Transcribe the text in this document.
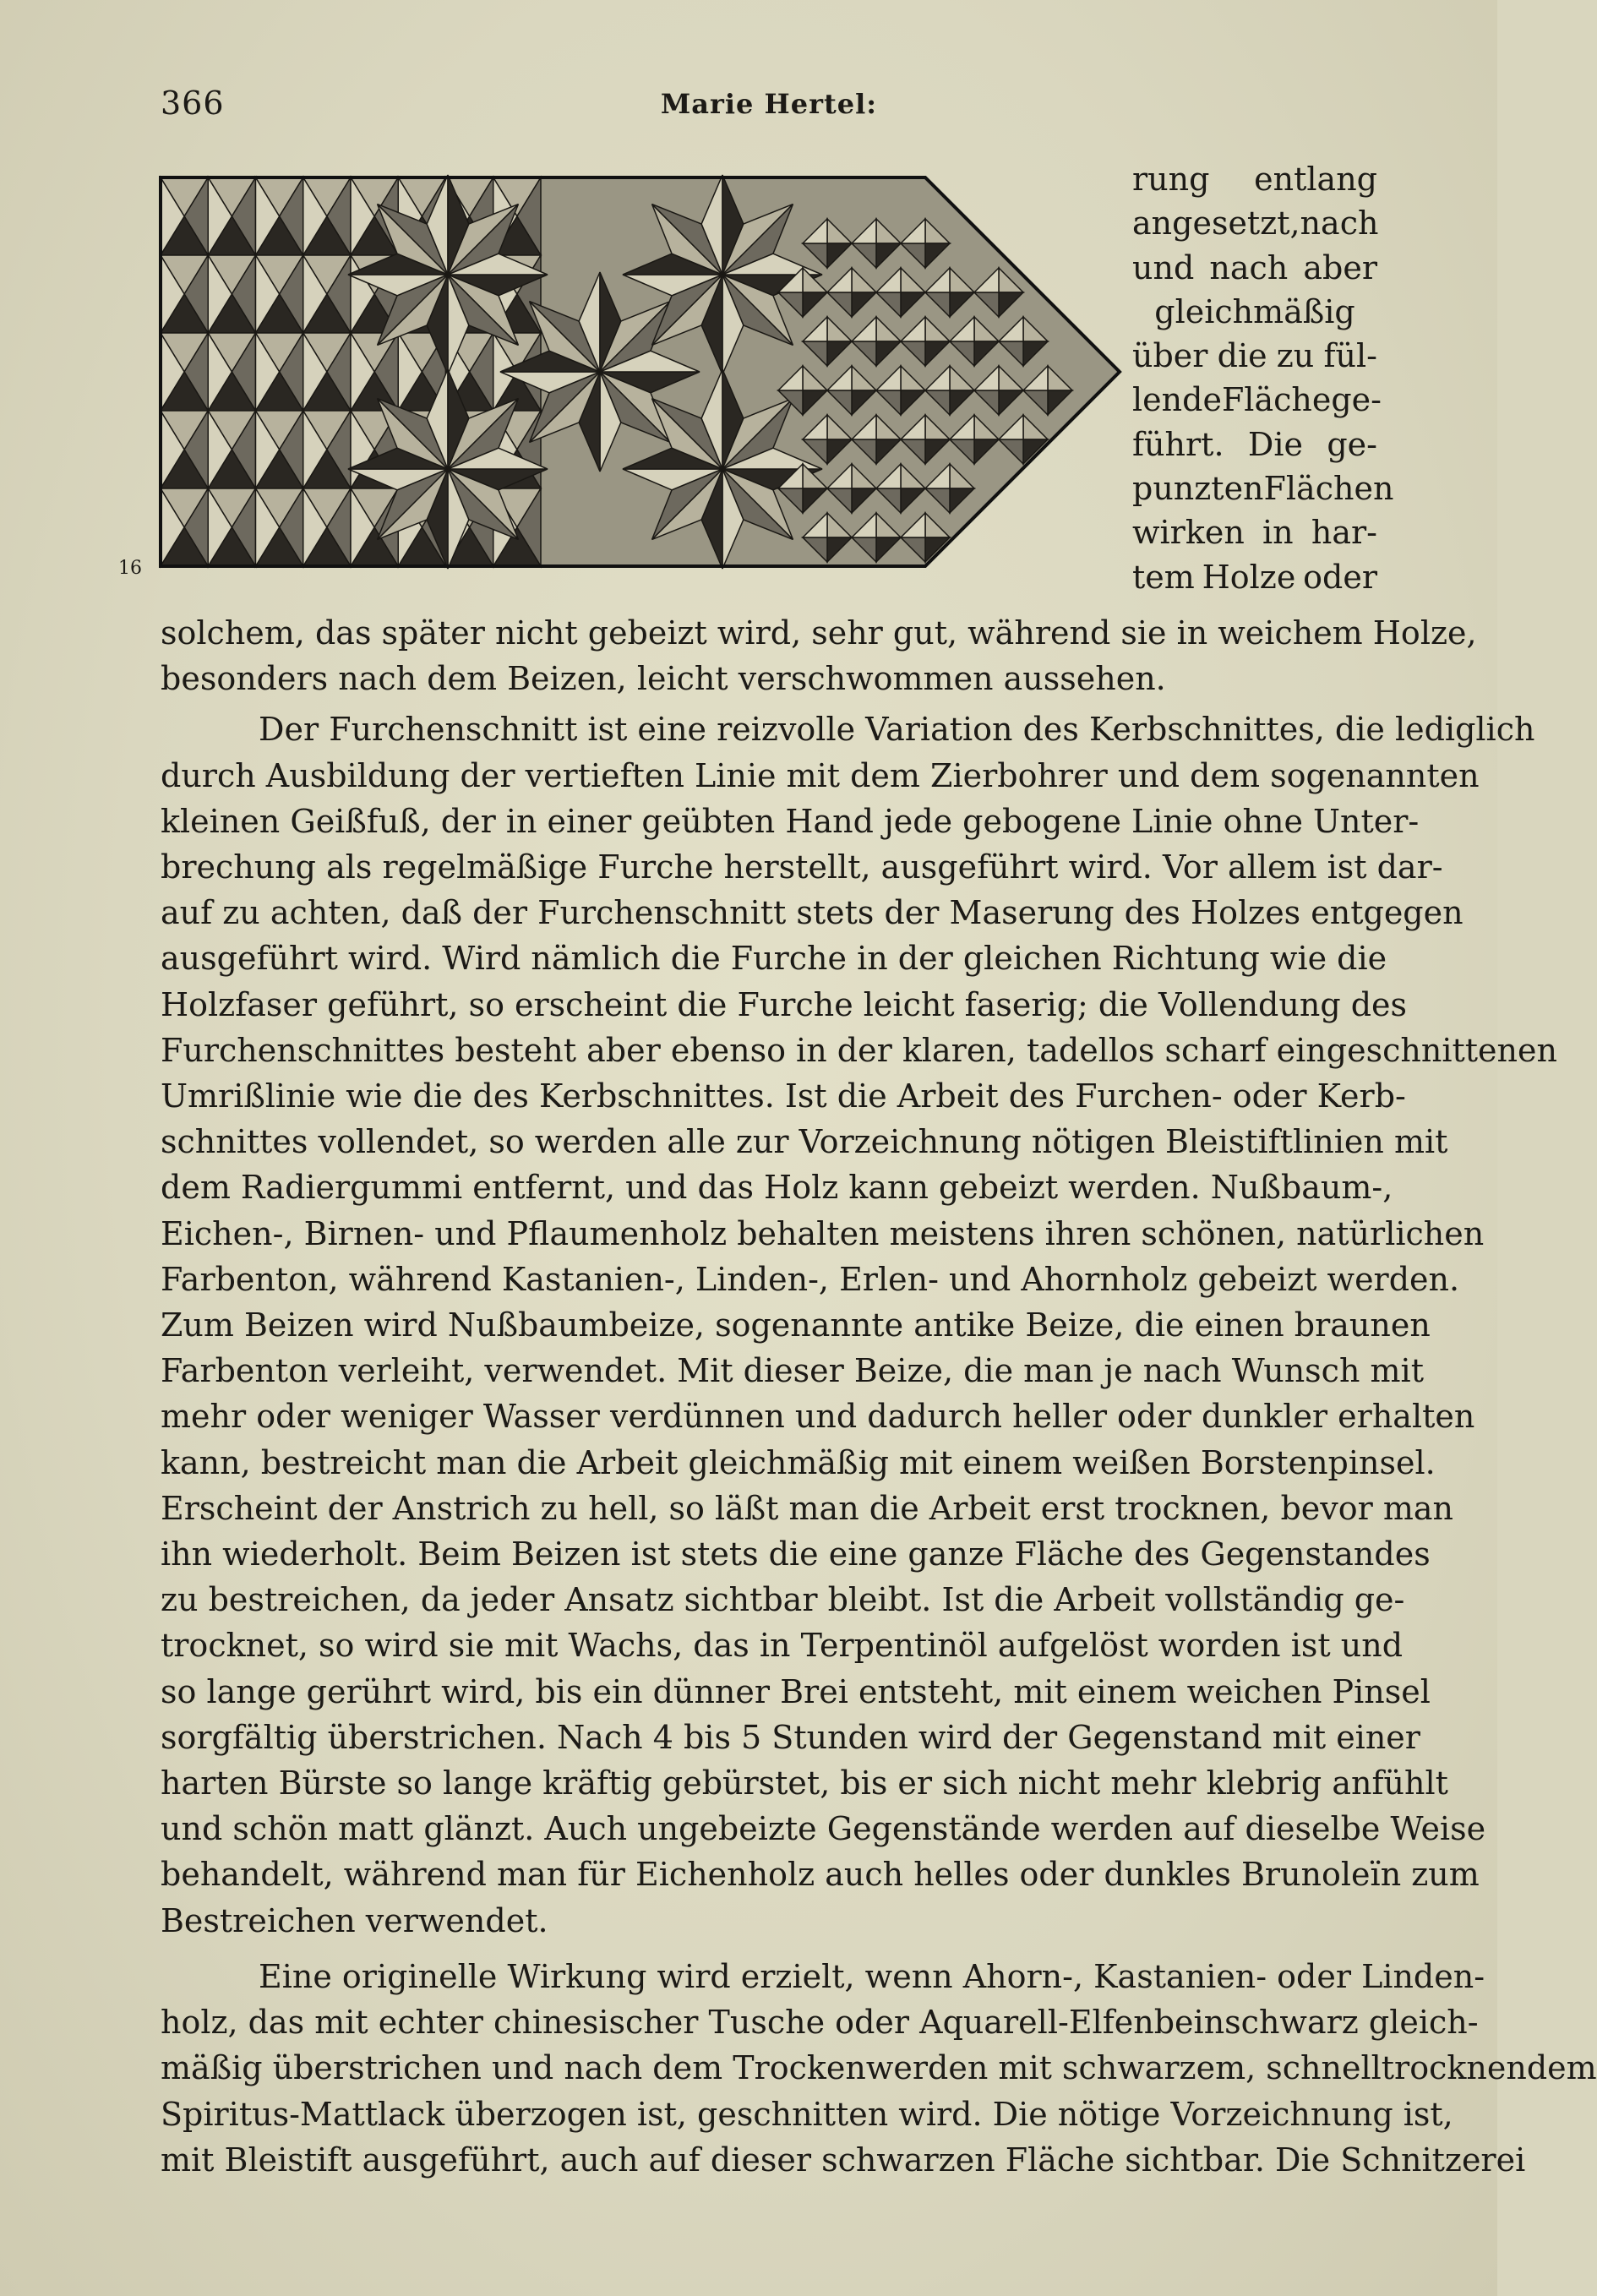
366	Marie Hertel:
16
rung entlang
angesetzt, nach
und nach aber
gleichmäßig
über die zu fül-
lende Fläche ge-
führt. Die ge-
punzten Flächen
wirken in har-
tem Holze oder
solchem, das später nicht gebeizt wird, sehr gut, während sie in weichem Holze,
besonders nach dem Beizen, leicht verschwommen aussehen.
Der Furchenschnitt ist eine reizvolle Variation des Kerbschnittes, die lediglich
durch Ausbildung der vertieften Linie mit dem Zierbohrer und dem sogenannten
kleinen Geißfuß, der in einer geübten Hand jede gebogene Linie ohne Unter-
brechung als regelmäßige Furche herstellt, ausgeführt wird. Vor allem ist dar-
auf zu achten, daß der Furchenschnitt stets der Maserung des Holzes entgegen
ausgeführt wird. Wird nämlich die Furche in der gleichen Richtung wie die
Holzfaser geführt, so erscheint die Furche leicht faserig; die Vollendung des
Furchenschnittes besteht aber ebenso in der klaren, tadellos scharf eingeschnittenen
Umrißlinie wie die des Kerbschnittes. Ist die Arbeit des Furchen- oder Kerb-
schnittes vollendet, so werden alle zur Vorzeichnung nötigen Bleistiftlinien mit
dem Radiergummi entfernt, und das Holz kann gebeizt werden. Nußbaum-,
Eichen-, Birnen- und Pflaumenholz behalten meistens ihren schönen, natürlichen
Farbenton, während Kastanien-, Linden-, Erlen- und Ahornholz gebeizt werden.
Zum Beizen wird Nußbaumbeize, sogenannte antike Beize, die einen braunen
Farbenton verleiht, verwendet. Mit dieser Beize, die man je nach Wunsch mit
mehr oder weniger Wasser verdünnen und dadurch heller oder dunkler erhalten
kann, bestreicht man die Arbeit gleichmäßig mit einem weißen Borstenpinsel.
Erscheint der Anstrich zu hell, so läßt man die Arbeit erst trocknen, bevor man
ihn wiederholt. Beim Beizen ist stets die eine ganze Fläche des Gegenstandes
zu bestreichen, da jeder Ansatz sichtbar bleibt. Ist die Arbeit vollständig ge-
trocknet, so wird sie mit Wachs, das in Terpentinöl aufgelöst worden ist und
so lange gerührt wird, bis ein dünner Brei entsteht, mit einem weichen Pinsel
sorgfältig überstrichen. Nach 4 bis 5 Stunden wird der Gegenstand mit einer
harten Bürste so lange kräftig gebürstet, bis er sich nicht mehr klebrig anfühlt
und schön matt glänzt. Auch ungebeizte Gegenstände werden auf dieselbe Weise
behandelt, während man für Eichenholz auch helles oder dunkles Brunoleïn zum
Bestreichen verwendet.
Eine originelle Wirkung wird erzielt, wenn Ahorn-, Kastanien- oder Linden-
holz, das mit echter chinesischer Tusche oder Aquarell-Elfenbeinschwarz gleich-
mäßig überstrichen und nach dem Trockenwerden mit schwarzem, schnelltrocknendem
Spiritus-Mattlack überzogen ist, geschnitten wird. Die nötige Vorzeichnung ist,
mit Bleistift ausgeführt, auch auf dieser schwarzen Fläche sichtbar. Die Schnitzerei
